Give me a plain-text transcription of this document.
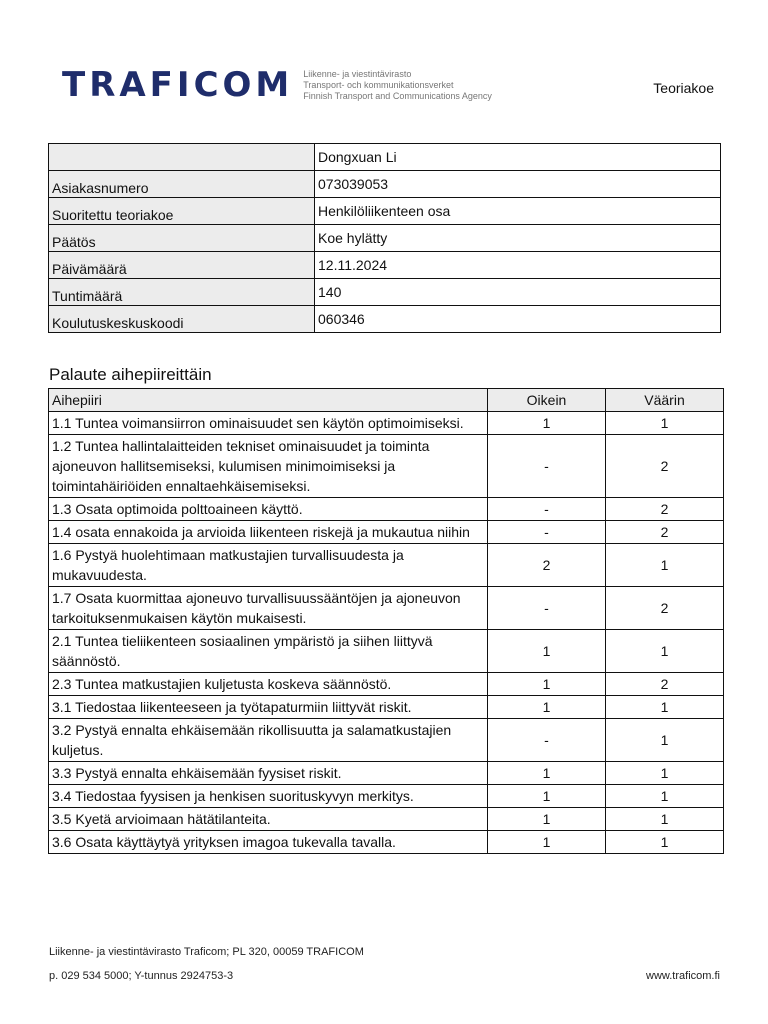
TRAFICOM Liikenne- ja viestintävirasto
Transport- och kommunikationsverket
Finnish Transport and Communications Agency	Teoriakoe
	Dongxuan Li
Asiakasnumero	073039053
Suoritettu teoriakoe	Henkilöliikenteen osa
Päätös	Koe hylätty
Päivämäärä	12.11.2024
Tuntimäärä	140
Koulutuskeskuskoodi	060346
Palaute aihepiireittäin
Aihepiiri	Oikein	Väärin
1.1 Tuntea voimansiirron ominaisuudet sen käytön optimoimiseksi.	1	1
1.2 Tuntea hallintalaitteiden tekniset ominaisuudet ja toiminta ajoneuvon hallitsemiseksi, kulumisen minimoimiseksi ja toimintahäiriöiden ennaltaehkäisemiseksi.	-	2
1.3 Osata optimoida polttoaineen käyttö.	-	2
1.4 osata ennakoida ja arvioida liikenteen riskejä ja mukautua niihin	-	2
1.6 Pystyä huolehtimaan matkustajien turvallisuudesta ja mukavuudesta.	2	1
1.7 Osata kuormittaa ajoneuvo turvallisuussääntöjen ja ajoneuvon tarkoituksenmukaisen käytön mukaisesti.	-	2
2.1 Tuntea tieliikenteen sosiaalinen ympäristö ja siihen liittyvä säännöstö.	1	1
2.3 Tuntea matkustajien kuljetusta koskeva säännöstö.	1	2
3.1 Tiedostaa liikenteeseen ja työtapaturmiin liittyvät riskit.	1	1
3.2 Pystyä ennalta ehkäisemään rikollisuutta ja salamatkustajien kuljetus.	-	1
3.3 Pystyä ennalta ehkäisemään fyysiset riskit.	1	1
3.4 Tiedostaa fyysisen ja henkisen suorituskyvyn merkitys.	1	1
3.5 Kyetä arvioimaan hätätilanteita.	1	1
3.6 Osata käyttäytyä yrityksen imagoa tukevalla tavalla.	1	1
Liikenne- ja viestintävirasto Traficom; PL 320, 00059 TRAFICOM
p. 029 534 5000; Y-tunnus 2924753-3	www.traficom.fi
